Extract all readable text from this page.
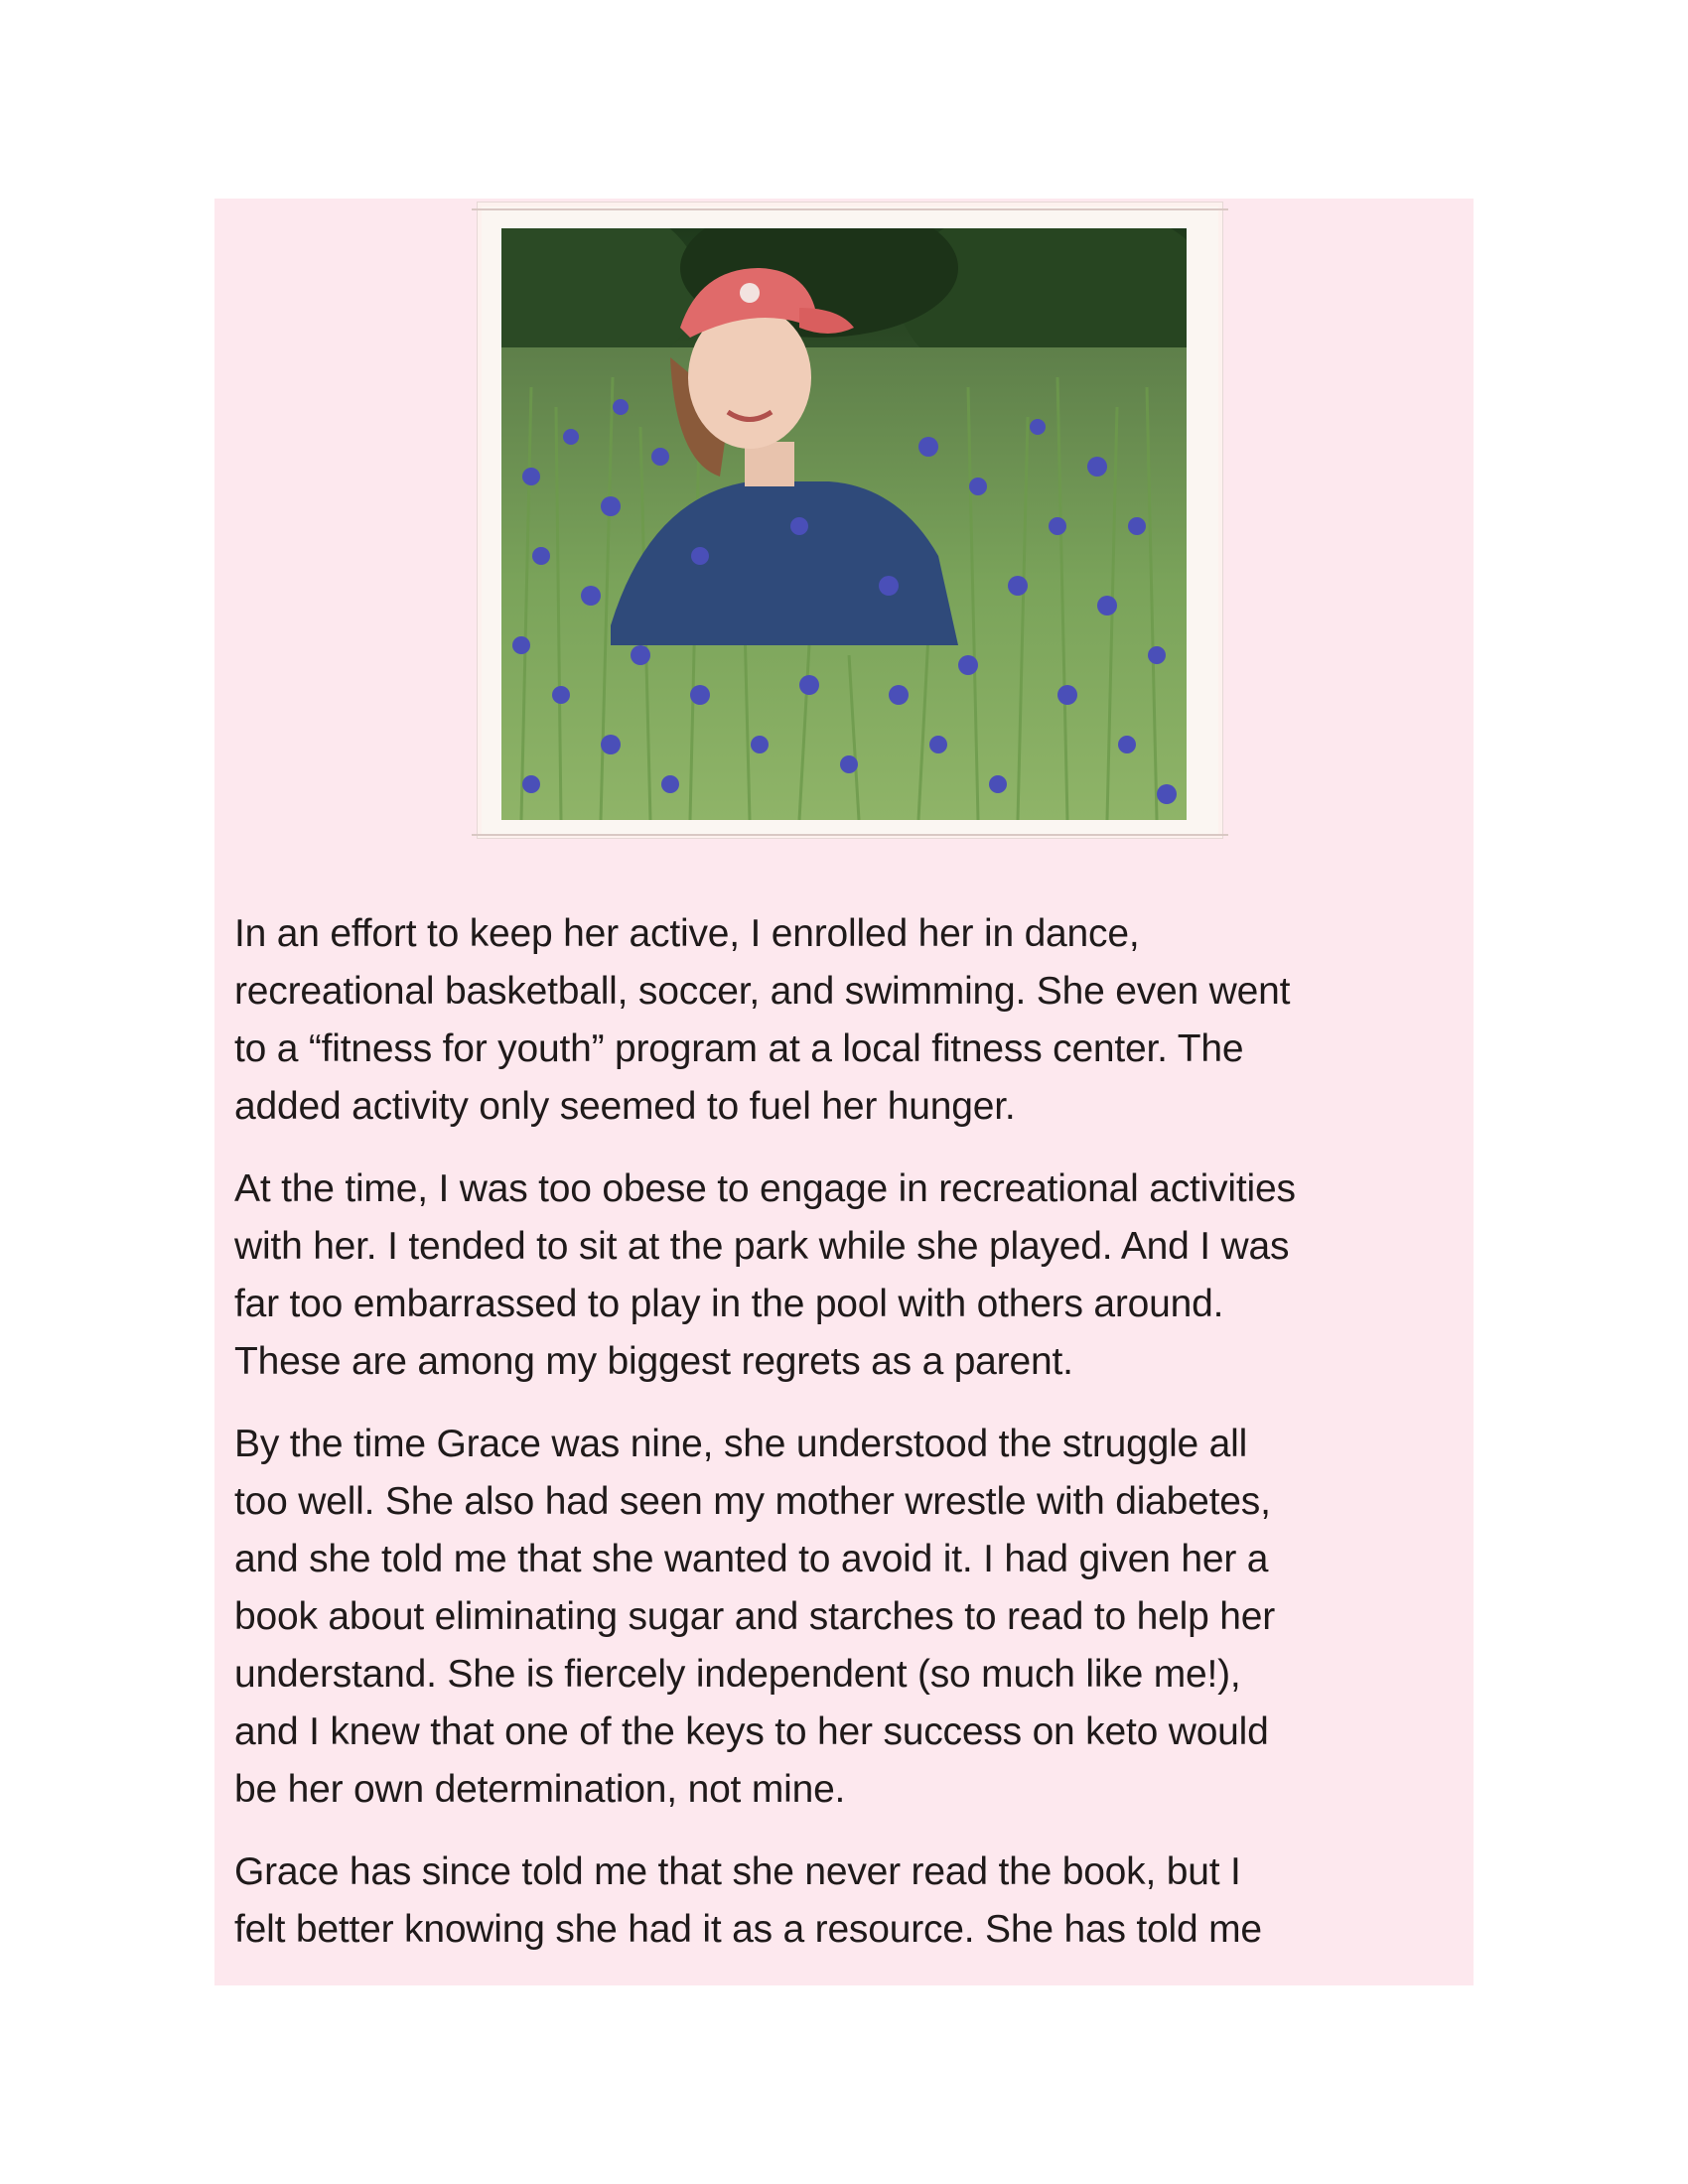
In an effort to keep her active, I enrolled her in dance,
recreational basketball, soccer, and swimming. She even went
to a “fitness for youth” program at a local fitness center. The
added activity only seemed to fuel her hunger.

At the time, I was too obese to engage in recreational activities
with her. I tended to sit at the park while she played. And I was
far too embarrassed to play in the pool with others around.
These are among my biggest regrets as a parent.

By the time Grace was nine, she understood the struggle all
too well. She also had seen my mother wrestle with diabetes,
and she told me that she wanted to avoid it. I had given her a
book about eliminating sugar and starches to read to help her
understand. She is fiercely independent (so much like me!),
and I knew that one of the keys to her success on keto would
be her own determination, not mine.

Grace has since told me that she never read the book, but I
felt better knowing she had it as a resource. She has told me
